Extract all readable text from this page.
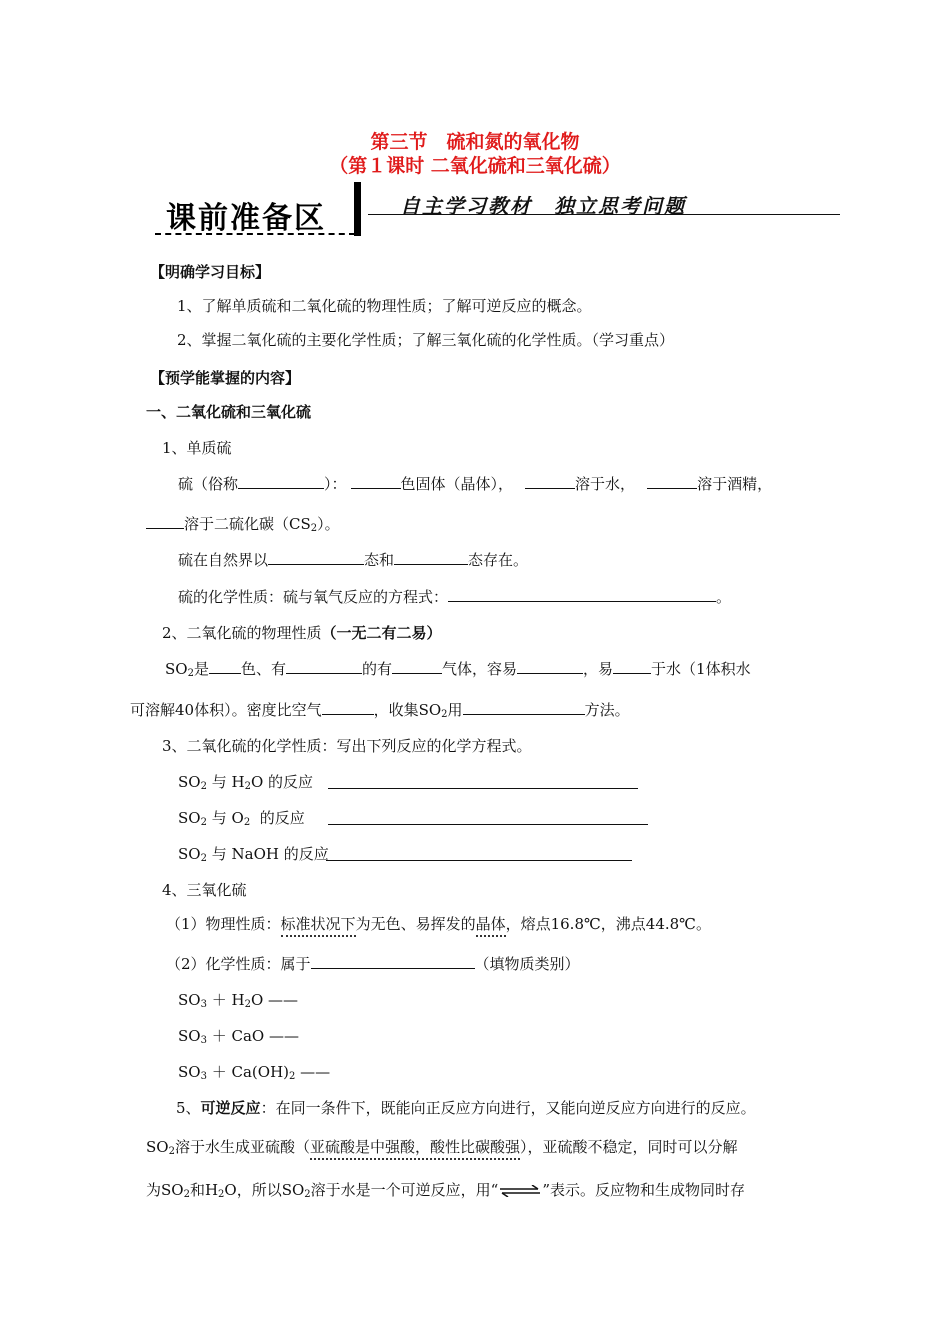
第三节　硫和氮的氧化物
（第１课时 二氧化硫和三氧化硫）
课前准备区	自主学习教材　独立思考问题
【明确学习目标】
1、了解单质硫和二氧化硫的物理性质；了解可逆反应的概念。
2、掌握二氧化硫的主要化学性质；了解三氧化硫的化学性质。（学习重点）
【预学能掌握的内容】
一、二氧化硫和三氧化硫
1、单质硫
硫（俗称	）：	色固体（晶体），	溶于水，	溶于酒精，
溶于二硫化碳$(CS_2)$。
硫在自然界以	态和	态存在。
硫的化学性质：硫与氧气反应的方程式：	。
2、二氧化硫的物理性质（一无二有二易）
$SO_2$是 色、有	的有	气体，容易	，易	于水（1体积水
可溶解40体积）。密度比空气	，收集$SO_2$用	方法。
3、二氧化硫的化学性质：写出下列反应的化学方程式。
$SO_2$ 与 $H_2O$ 的反应
$SO_2$ 与 $O_2$ 的反应
$SO_2$ 与 NaOH 的反应
4、三氧化硫
（1）物理性质：标准状况下为无色、易挥发的晶体，熔点16.8℃，沸点44.8℃。
（2）化学性质：属于	（填物质类别）
$SO_3 + H_2O$ ——
$SO_3$ ＋ CaO ——
$SO_3 + Ca(OH)_2$ ——
5、可逆反应：在同一条件下，既能向正反应方向进行，又能向逆反应方向进行的反应。
$SO_2$溶于水生成亚硫酸（亚硫酸是中强酸，酸性比碳酸强），亚硫酸不稳定，同时可以分解
为$SO_2$和$H_2O$，所以$SO_2$溶于水是一个可逆反应，用“⇌”表示。反应物和生成物同时存
